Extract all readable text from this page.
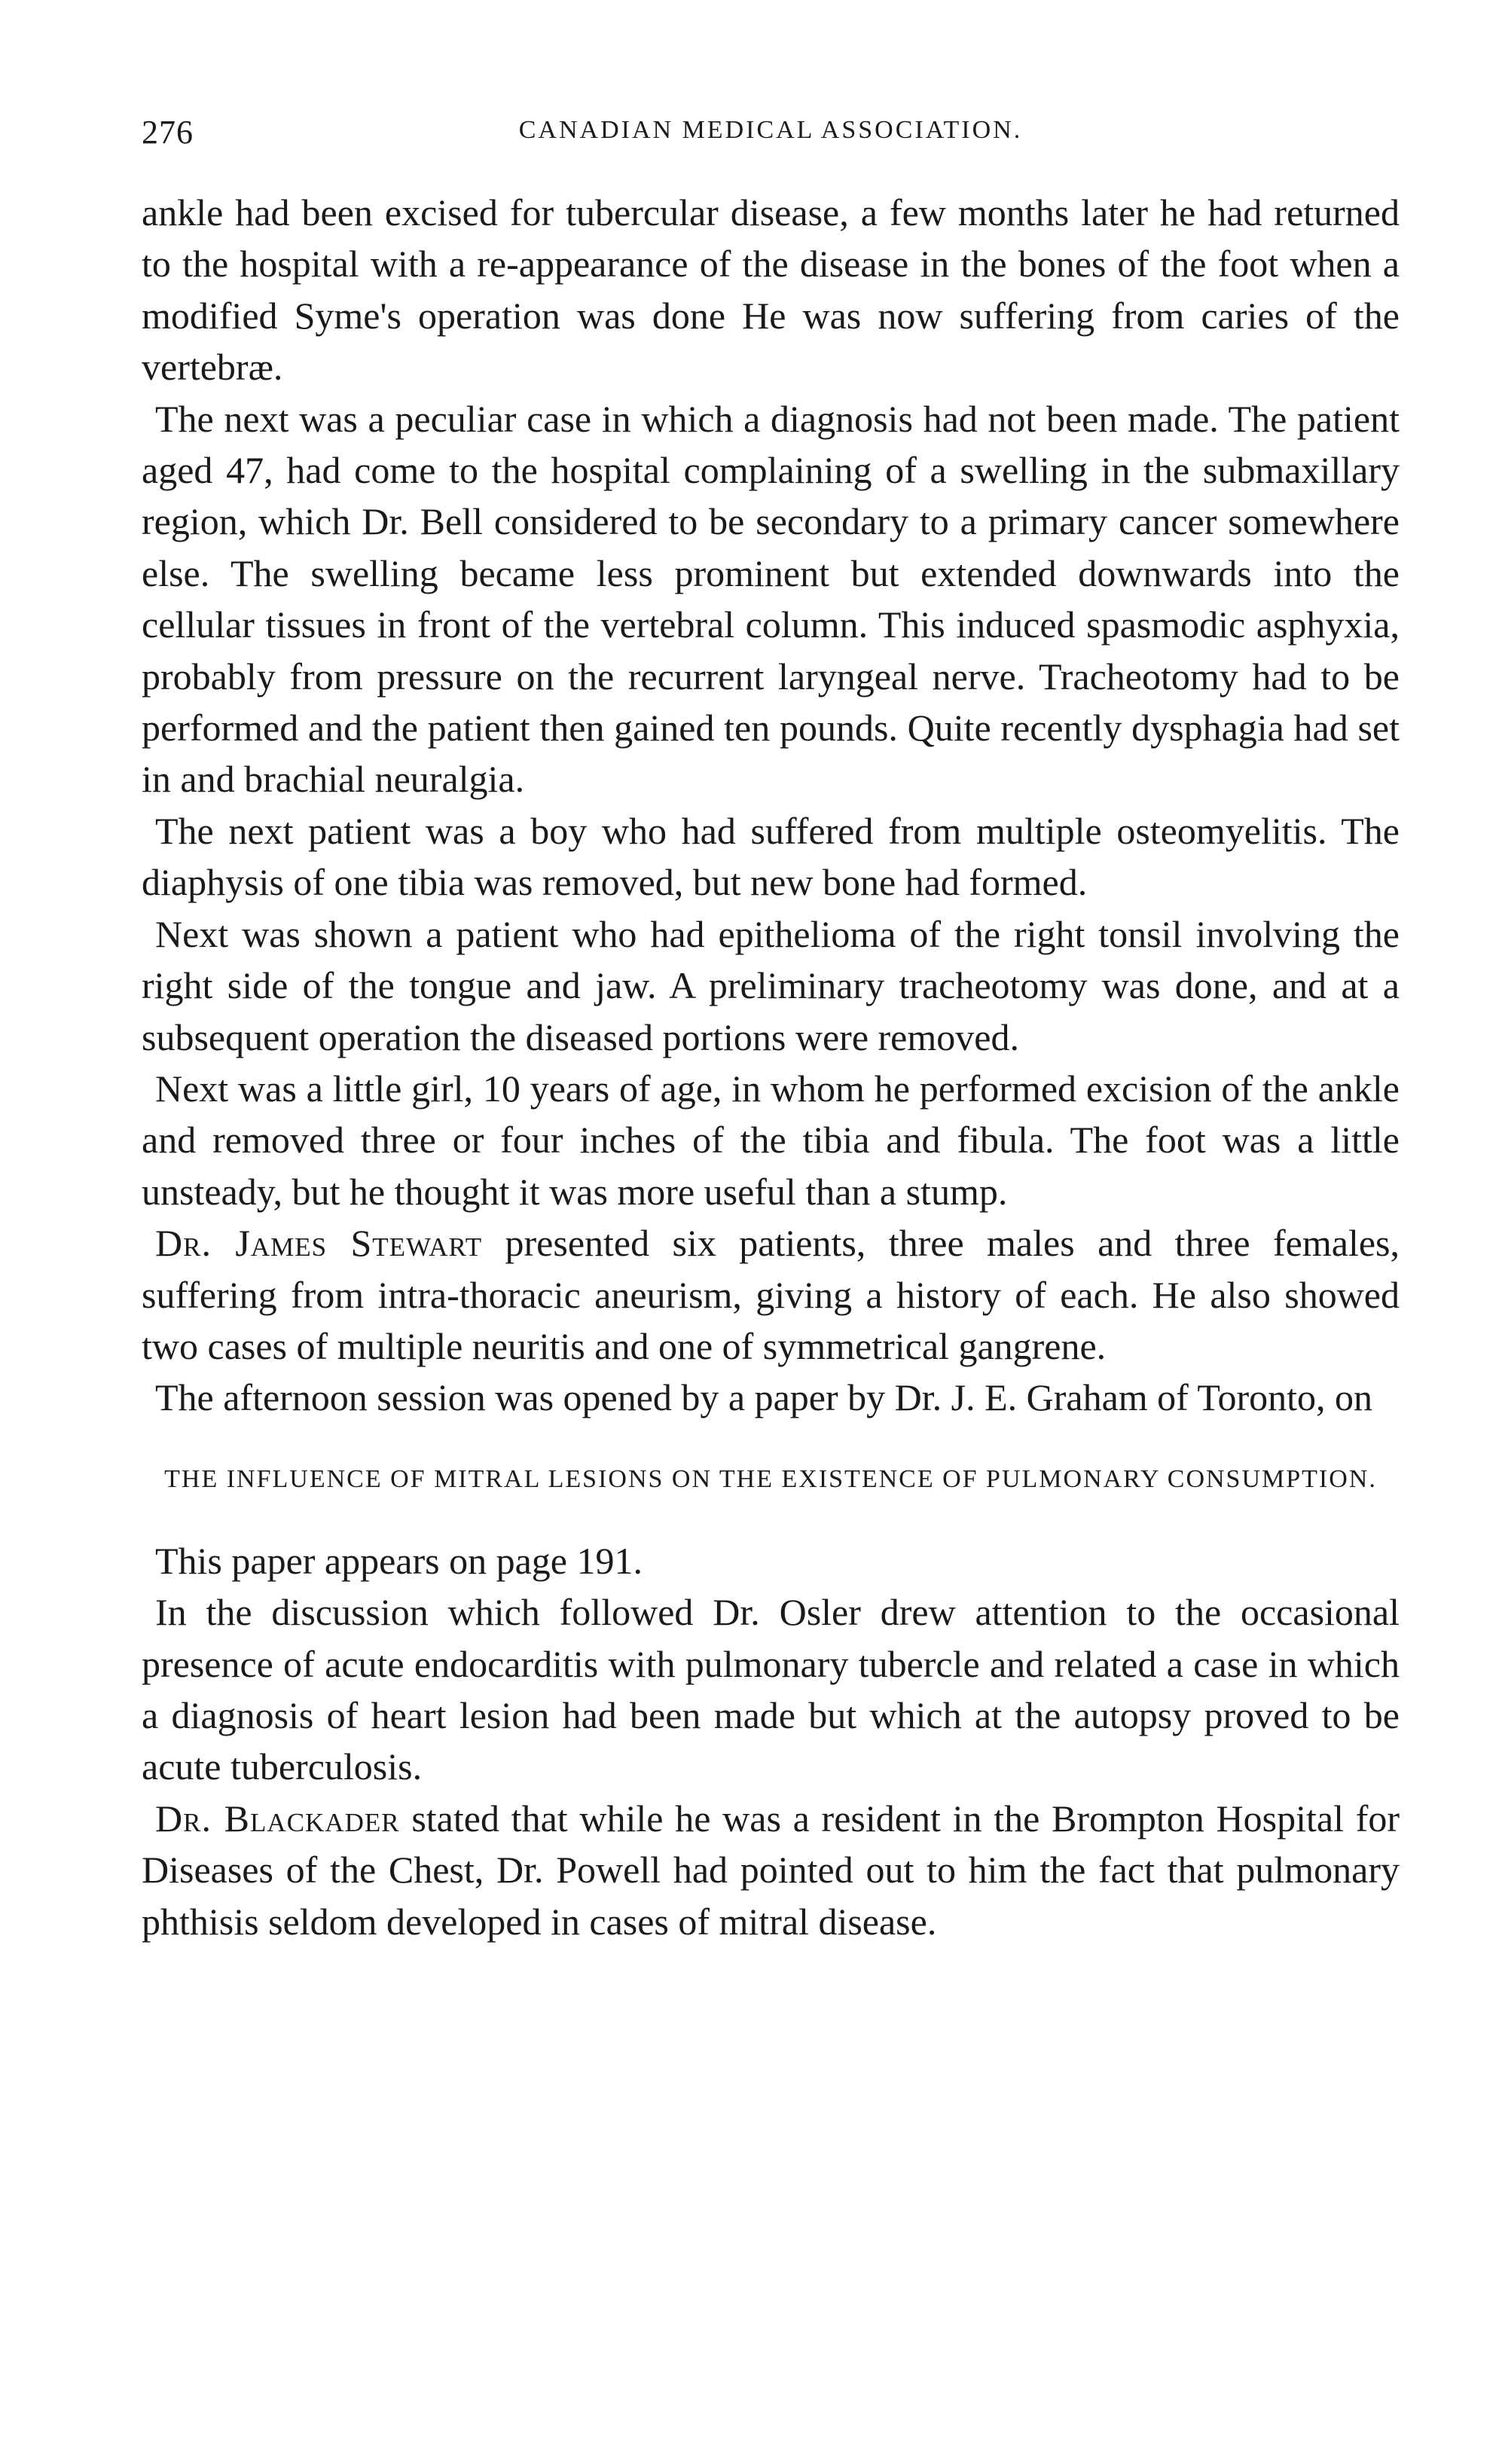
276	CANADIAN MEDICAL ASSOCIATION.

ankle had been excised for tubercular disease, a few months later he had returned to the hospital with a re-appearance of the disease in the bones of the foot when a modified Syme's operation was done He was now suffering from caries of the vertebræ.

The next was a peculiar case in which a diagnosis had not been made. The patient aged 47, had come to the hospital complaining of a swelling in the submaxillary region, which Dr. Bell considered to be secondary to a primary cancer somewhere else. The swelling became less prominent but extended downwards into the cellular tissues in front of the vertebral column. This induced spasmodic asphyxia, probably from pressure on the recurrent laryngeal nerve. Tracheotomy had to be performed and the patient then gained ten pounds. Quite recently dysphagia had set in and brachial neuralgia.

The next patient was a boy who had suffered from multiple osteomyelitis. The diaphysis of one tibia was removed, but new bone had formed.

Next was shown a patient who had epithelioma of the right tonsil involving the right side of the tongue and jaw. A preliminary tracheotomy was done, and at a subsequent operation the diseased portions were removed.

Next was a little girl, 10 years of age, in whom he performed excision of the ankle and removed three or four inches of the tibia and fibula. The foot was a little unsteady, but he thought it was more useful than a stump.

Dr. James Stewart presented six patients, three males and three females, suffering from intra-thoracic aneurism, giving a history of each. He also showed two cases of multiple neuritis and one of symmetrical gangrene.

The afternoon session was opened by a paper by Dr. J. E. Graham of Toronto, on

THE INFLUENCE OF MITRAL LESIONS ON THE EXISTENCE OF PULMONARY CONSUMPTION.

This paper appears on page 191.

In the discussion which followed Dr. Osler drew attention to the occasional presence of acute endocarditis with pulmonary tubercle and related a case in which a diagnosis of heart lesion had been made but which at the autopsy proved to be acute tuberculosis.

Dr. Blackader stated that while he was a resident in the Brompton Hospital for Diseases of the Chest, Dr. Powell had pointed out to him the fact that pulmonary phthisis seldom developed in cases of mitral disease.
